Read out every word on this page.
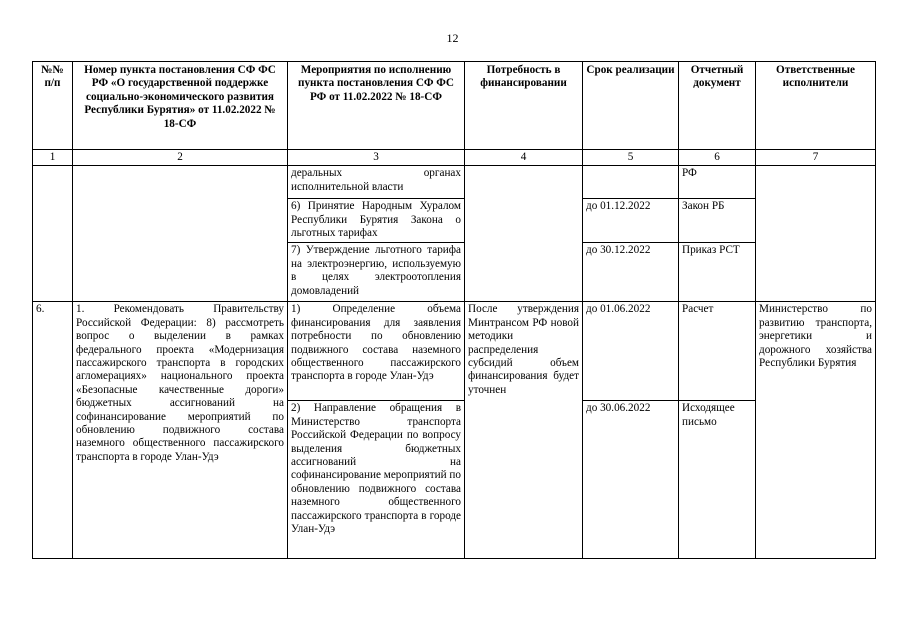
12
№№ п/п	Номер пункта постановления СФ ФС РФ «О государственной поддержке социально-экономического развития Республики Бурятия» от 11.02.2022 № 18-СФ	Мероприятия по исполнению пункта постановления СФ ФС РФ от 11.02.2022 № 18-СФ	Потребность в финансировании	Срок реализации	Отчетный документ	Ответственные исполнители
1	2	3	4	5	6	7
		деральных органах исполнительной власти			РФ	
		6) Принятие Народным Хуралом Республики Бурятия Закона о льготных тарифах		до 01.12.2022	Закон РБ	
		7) Утверждение льготного тарифа на электроэнергию, используемую в целях электроотопления домовладений		до 30.12.2022	Приказ РСТ	
6.	1. Рекомендовать Правительству Российской Федерации: 8) рассмотреть вопрос о выделении в рамках федерального проекта «Модернизация пассажирского транспорта в городских агломерациях» национального проекта «Безопасные качественные дороги» бюджетных ассигнований на софинансирование мероприятий по обновлению подвижного состава наземного общественного пассажирского транспорта в городе Улан-Удэ	1) Определение объема финансирования для заявления потребности по обновлению подвижного состава наземного общественного пассажирского транспорта в городе Улан-Удэ	После утверждения Минтрансом РФ новой методики распределения субсидий объем финансирования будет уточнен	до 01.06.2022	Расчет	Министерство по развитию транспорта, энергетики и дорожного хозяйства Республики Бурятия
		2) Направление обращения в Министерство транспорта Российской Федерации по вопросу выделения бюджетных ассигнований на софинансирование мероприятий по обновлению подвижного состава наземного общественного пассажирского транспорта в городе Улан-Удэ		до 30.06.2022	Исходящее письмо	
